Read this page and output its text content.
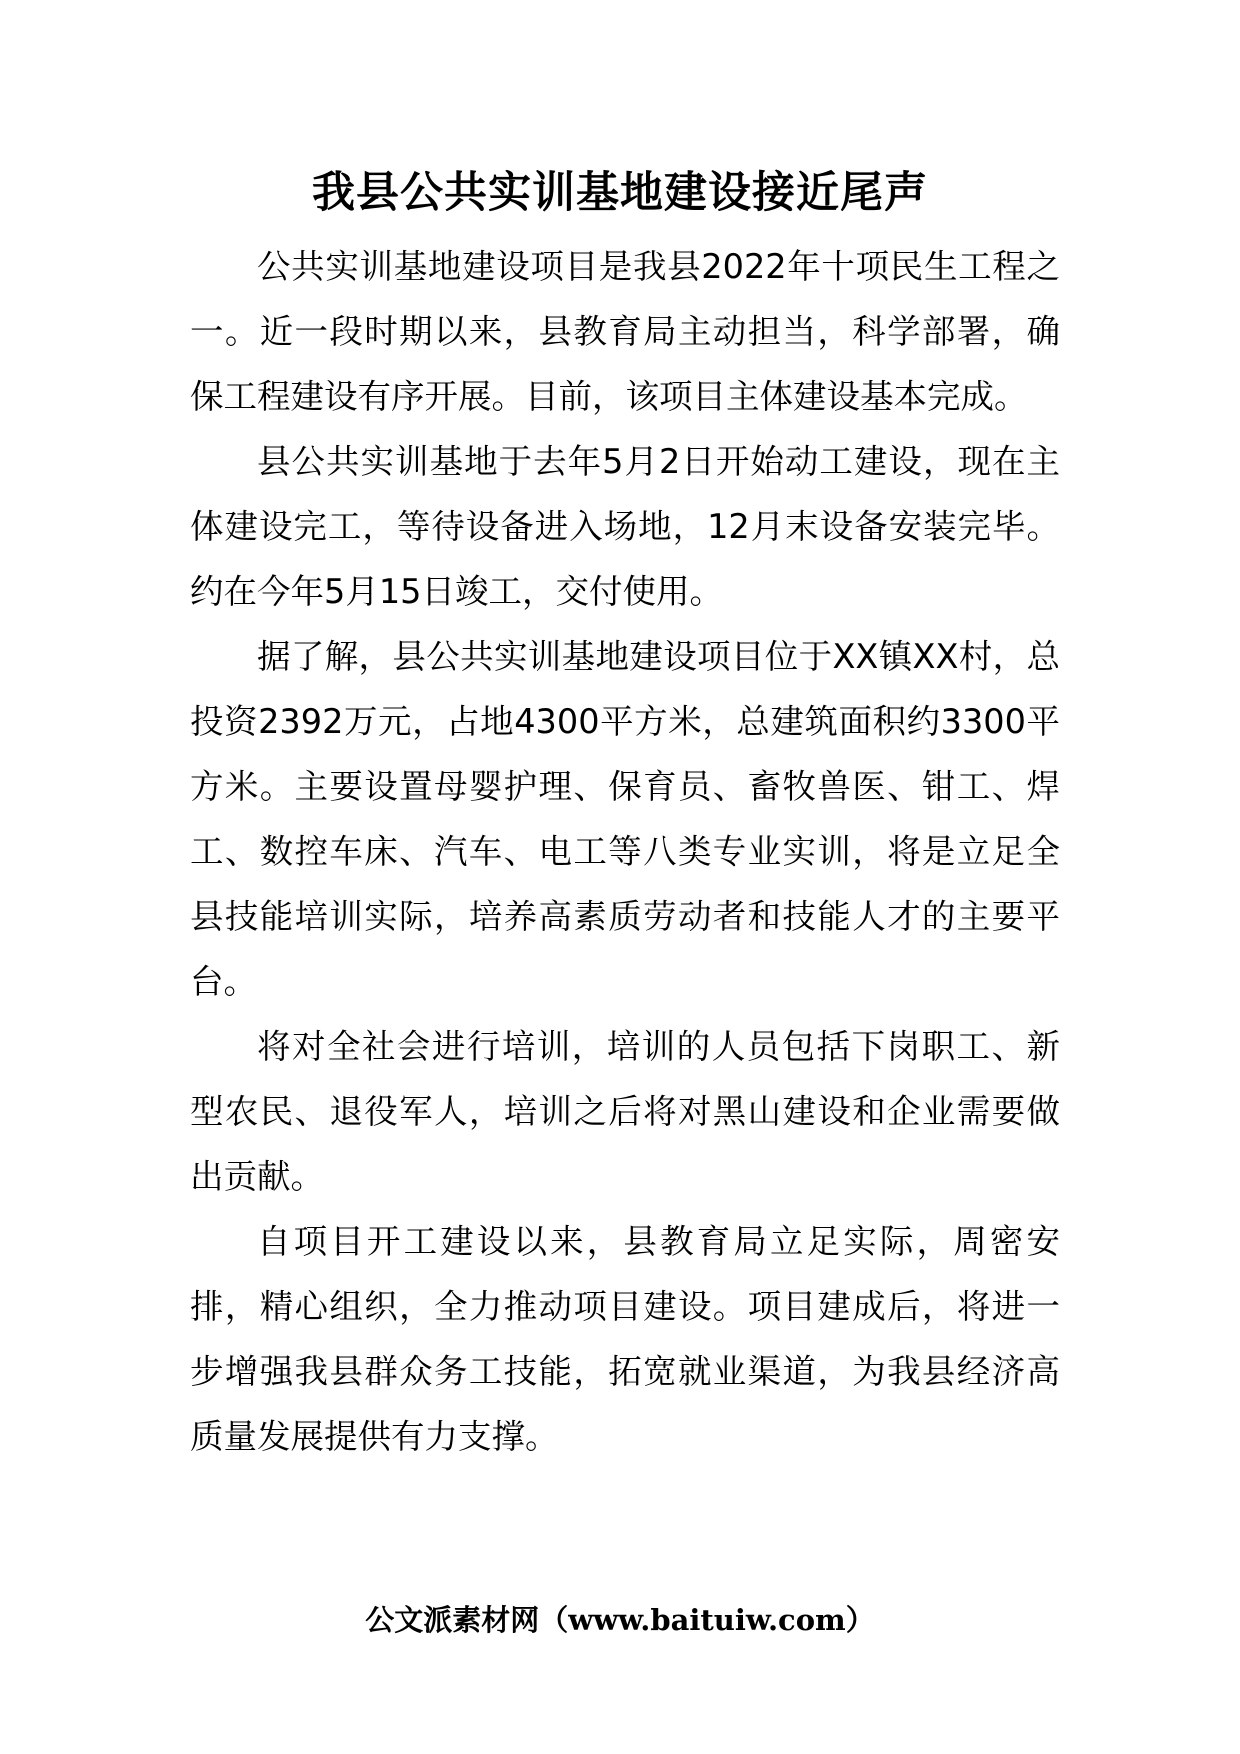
我县公共实训基地建设接近尾声

公共实训基地建设项目是我县2022年十项民生工程之一。近一段时期以来，县教育局主动担当，科学部署，确保工程建设有序开展。目前，该项目主体建设基本完成。

县公共实训基地于去年5月2日开始动工建设，现在主体建设完工，等待设备进入场地，12月末设备安装完毕。约在今年5月15日竣工，交付使用。

据了解，县公共实训基地建设项目位于XX镇XX村，总投资2392万元，占地4300平方米，总建筑面积约3300平方米。主要设置母婴护理、保育员、畜牧兽医、钳工、焊工、数控车床、汽车、电工等八类专业实训，将是立足全县技能培训实际，培养高素质劳动者和技能人才的主要平台。

将对全社会进行培训，培训的人员包括下岗职工、新型农民、退役军人，培训之后将对黑山建设和企业需要做出贡献。

自项目开工建设以来，县教育局立足实际，周密安排，精心组织，全力推动项目建设。项目建成后，将进一步增强我县群众务工技能，拓宽就业渠道，为我县经济高质量发展提供有力支撑。

公文派素材网（www.baituiw.com）
